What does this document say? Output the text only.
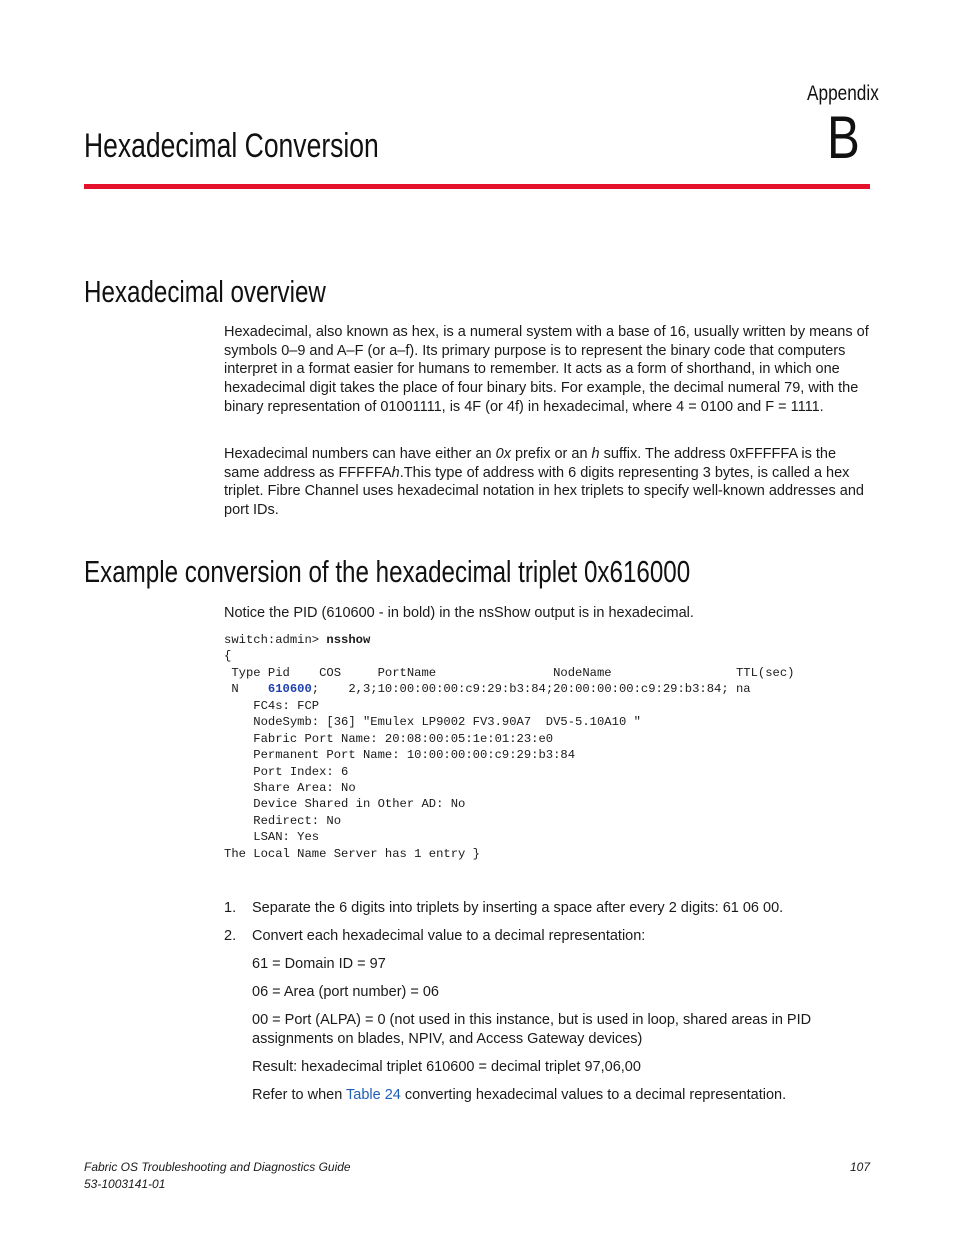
Appendix
B
Hexadecimal Conversion
Hexadecimal overview

Hexadecimal, also known as hex, is a numeral system with a base of 16, usually written by means of symbols 0–9 and A–F (or a–f). Its primary purpose is to represent the binary code that computers interpret in a format easier for humans to remember. It acts as a form of shorthand, in which one hexadecimal digit takes the place of four binary bits. For example, the decimal numeral 79, with the binary representation of 01001111, is 4F (or 4f) in hexadecimal, where 4 = 0100 and F = 1111.

Hexadecimal numbers can have either an 0x prefix or an h suffix. The address 0xFFFFFA is the same address as FFFFFAh.This type of address with 6 digits representing 3 bytes, is called a hex triplet. Fibre Channel uses hexadecimal notation in hex triplets to specify well-known addresses and port IDs.

Example conversion of the hexadecimal triplet 0x616000

Notice the PID (610600 - in bold) in the nsShow output is in hexadecimal.

switch:admin> nsshow
{
Type Pid    COS     PortName                NodeName                 TTL(sec)
N    610600;    2,3;10:00:00:00:c9:29:b3:84;20:00:00:00:c9:29:b3:84; na
FC4s: FCP
NodeSymb: [36] "Emulex LP9002 FV3.90A7  DV5-5.10A10 "
Fabric Port Name: 20:08:00:05:1e:01:23:e0
Permanent Port Name: 10:00:00:00:c9:29:b3:84
Port Index: 6
Share Area: No
Device Shared in Other AD: No
Redirect: No
LSAN: Yes
The Local Name Server has 1 entry }
1.	Separate the 6 digits into triplets by inserting a space after every 2 digits: 61 06 00.
2.	Convert each hexadecimal value to a decimal representation:

61 = Domain ID = 97

06 = Area (port number) = 06

00 = Port (ALPA) = 0 (not used in this instance, but is used in loop, shared areas in PID assignments on blades, NPIV, and Access Gateway devices)

Result: hexadecimal triplet 610600 = decimal triplet 97,06,00

Refer to when Table 24 converting hexadecimal values to a decimal representation.

Fabric OS Troubleshooting and Diagnostics Guide
53-1003141-01
107
